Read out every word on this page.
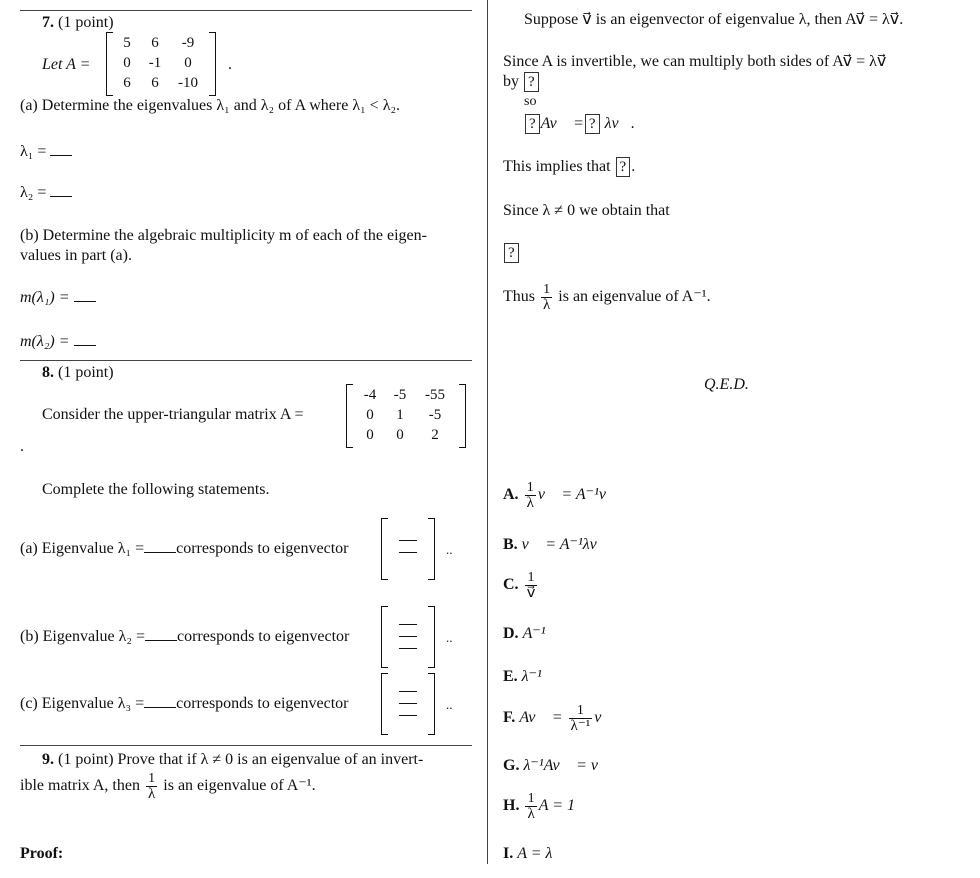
7. (1 point)
Let A =
5	6	-9
0	-1	0
6	6	-10
.
(a) Determine the eigenvalues λ₁ and λ₂ of A where λ₁ < λ₂.
λ₁ =
λ₂ =
(b) Determine the algebraic multiplicity m of each of the eigen-
values in part (a).
m(λ₁) =
m(λ₂) =
8. (1 point)
Consider the upper-triangular matrix A =
-4	-5	-55
0	1	-5
0	0	2
.
Complete the following statements.
(a) Eigenvalue λ₁ = corresponds to eigenvector	..
(b) Eigenvalue λ₂ = corresponds to eigenvector	..
(c) Eigenvalue λ₃ = corresponds to eigenvector	..
9. (1 point) Prove that if λ ≠ 0 is an eigenvalue of an invert-
ible matrix A, then $\frac{1}{\lambda}$ is an eigenvalue of A⁻¹.
Proof:
Suppose v⃗ is an eigenvector of eigenvalue λ, then Av⃗ = λv⃗.
Since A is invertible, we can multiply both sides of Av⃗ = λv⃗
by ?
so
? Av⃗ = ? λv⃗.
This implies that ? .
Since λ ≠ 0 we obtain that
?
Thus $\frac{1}{\lambda}$ is an eigenvalue of A⁻¹.
Q.E.D.
A. $\frac{1}{\lambda}$ v⃗ = A⁻¹v⃗
B. v⃗ = A⁻¹λv⃗
C. $\frac{1}{v⃗}$
D. A⁻¹
E. λ⁻¹
F. Av⃗ = $\frac{1}{\text{λ⁻¹}}$ v⃗
G. λ⁻¹Av⃗ = v⃗
H. $\frac{1}{\lambda}$ A = 1
I. A = λ
